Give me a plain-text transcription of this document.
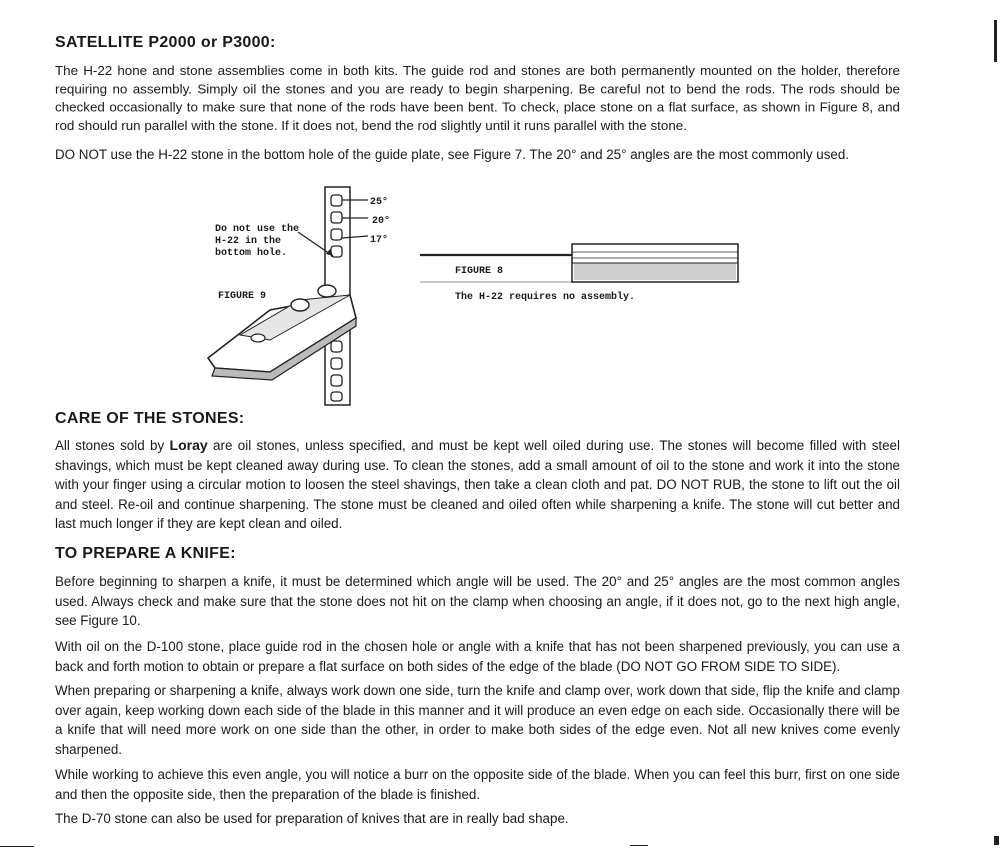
SATELLITE P2000 or P3000:

The H-22 hone and stone assemblies come in both kits. The guide rod and stones are both permanently mounted on the holder, therefore requiring no assembly. Simply oil the stones and you are ready to begin sharpening. Be careful not to bend the rods. The rods should be checked occasionally to make sure that none of the rods have been bent. To check, place stone on a flat surface, as shown in Figure 8, and rod should run parallel with the stone. If it does not, bend the rod slightly until it runs parallel with the stone.

DO NOT use the H-22 stone in the bottom hole of the guide plate, see Figure 7. The 20° and 25° angles are the most commonly used.

25°
20°
17°
Do not use the
H-22 in the
bottom hole.
FIGURE 9
FIGURE 8
The H-22 requires no assembly.
CARE OF THE STONES:

All stones sold by Loray are oil stones, unless specified, and must be kept well oiled during use. The stones will become filled with steel shavings, which must be kept cleaned away during use. To clean the stones, add a small amount of oil to the stone and work it into the stone with your finger using a circular motion to loosen the steel shavings, then take a clean cloth and pat. DO NOT RUB, the stone to lift out the oil and steel. Re-oil and continue sharpening. The stone must be cleaned and oiled often while sharpening a knife. The stone will cut better and last much longer if they are kept clean and oiled.

TO PREPARE A KNIFE:

Before beginning to sharpen a knife, it must be determined which angle will be used. The 20° and 25° angles are the most common angles used. Always check and make sure that the stone does not hit on the clamp when choosing an angle, if it does not, go to the next high angle, see Figure 10.

With oil on the D-100 stone, place guide rod in the chosen hole or angle with a knife that has not been sharpened previously, you can use a back and forth motion to obtain or prepare a flat surface on both sides of the edge of the blade (DO NOT GO FROM SIDE TO SIDE).

When preparing or sharpening a knife, always work down one side, turn the knife and clamp over, work down that side, flip the knife and clamp over again, keep working down each side of the blade in this manner and it will produce an even edge on each side. Occasionally there will be a knife that will need more work on one side than the other, in order to make both sides of the edge even. Not all new knives come evenly sharpened.

While working to achieve this even angle, you will notice a burr on the opposite side of the blade. When you can feel this burr, first on one side and then the opposite side, then the preparation of the blade is finished.

The D-70 stone can also be used for preparation of knives that are in really bad shape.
